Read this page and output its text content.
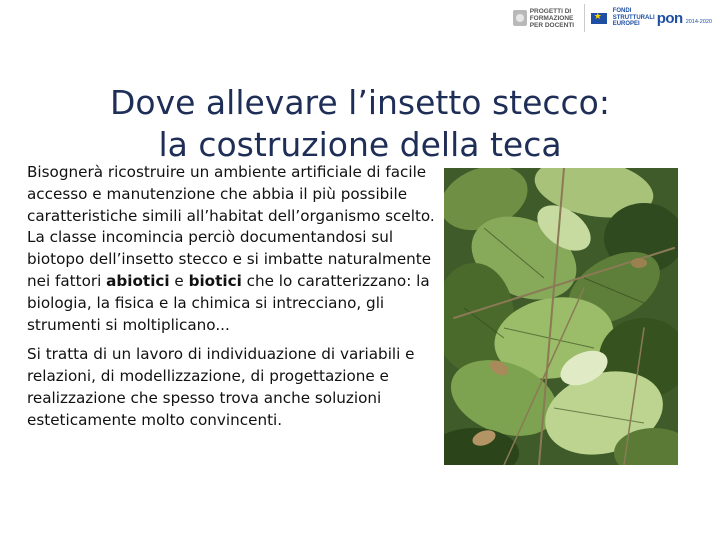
PROGETTI DI FORMAZIONE PER DOCENTI
★
FONDI STRUTTURALI EUROPEI	pon 2014-2020
Dove allevare l’insetto stecco:
la costruzione della teca

Bisognerà ricostruire un ambiente artificiale di facile accesso e manutenzione che abbia il più possibile caratteristiche simili all’habitat dell’organismo scelto. La classe incomincia perciò documentandosi sul biotopo dell’insetto stecco e si imbatte naturalmente nei fattori abiotici e biotici che lo caratterizzano: la biologia, la fisica e la chimica si intrecciano, gli strumenti si moltiplicano...

Si tratta di un lavoro di individuazione di variabili e relazioni, di modellizzazione, di progettazione e realizzazione che spesso trova anche soluzioni esteticamente molto convincenti.
